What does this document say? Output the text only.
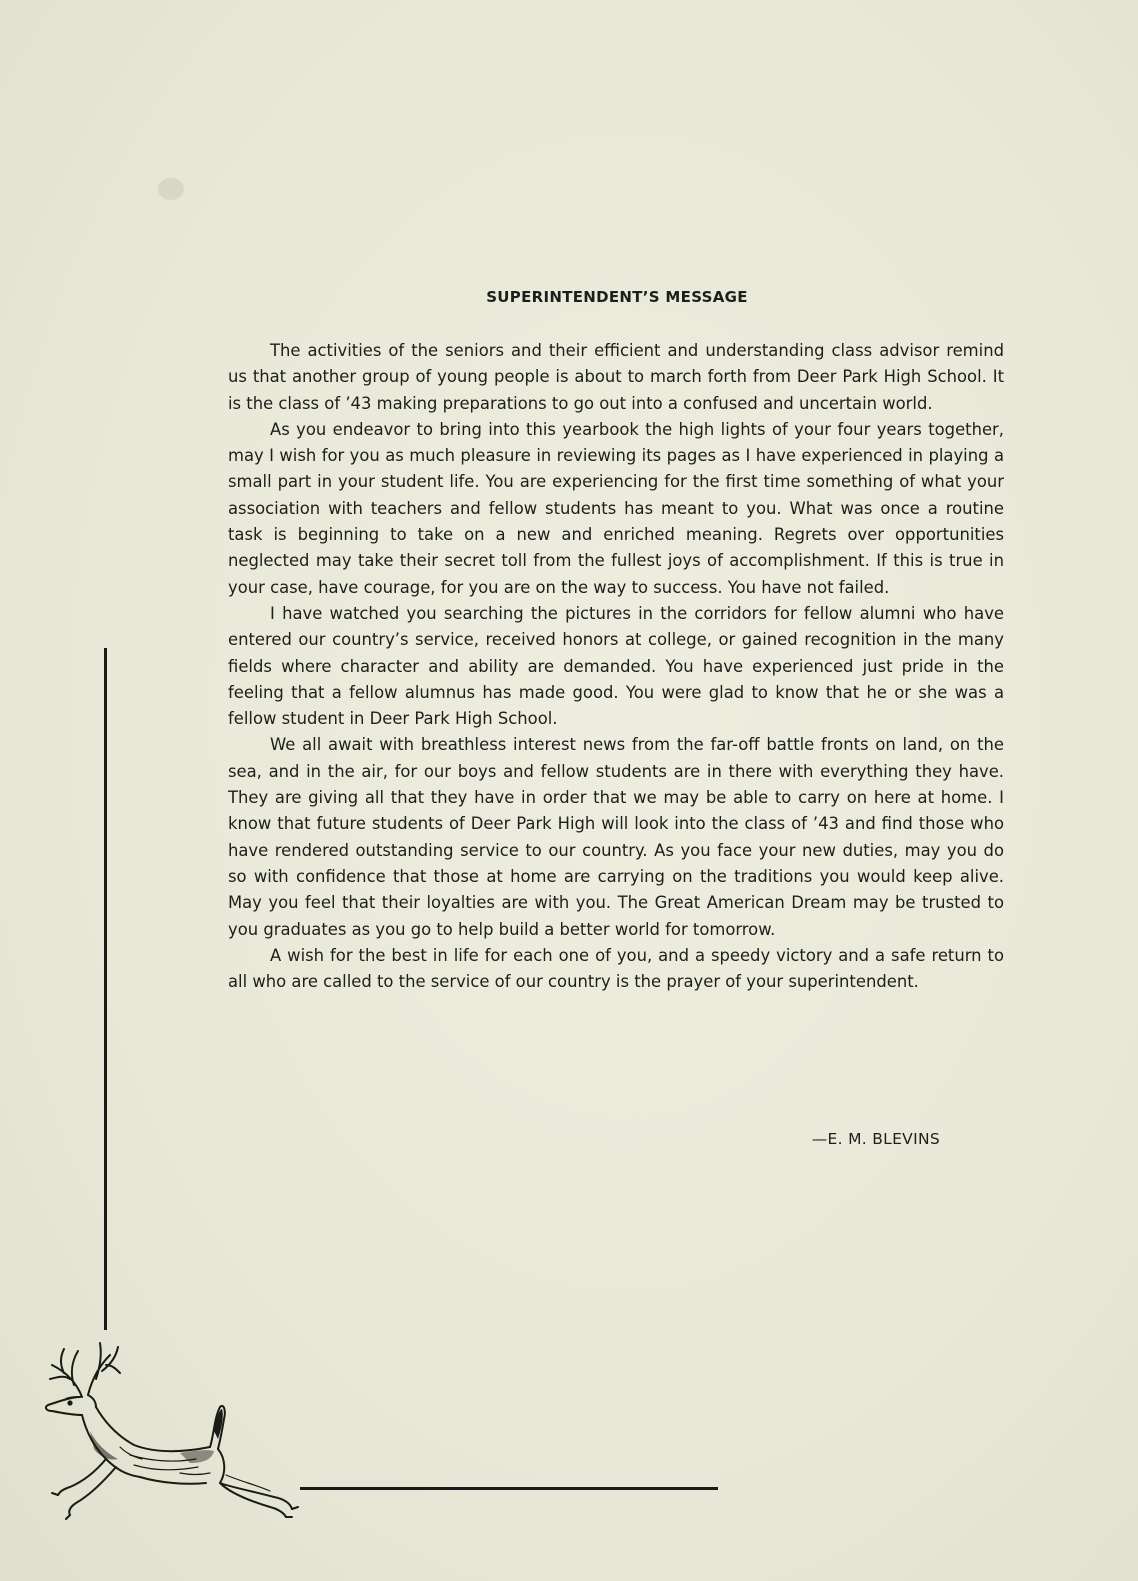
SUPERINTENDENT’S MESSAGE

The activities of the seniors and their efficient and understanding class advisor remind us that another group of young people is about to march forth from Deer Park High School. It is the class of ’43 making preparations to go out into a confused and uncertain world.

As you endeavor to bring into this yearbook the high lights of your four years together, may I wish for you as much pleasure in reviewing its pages as I have experienced in playing a small part in your student life. You are experiencing for the first time something of what your association with teachers and fellow students has meant to you. What was once a routine task is beginning to take on a new and enriched meaning. Regrets over opportunities neglected may take their secret toll from the fullest joys of accomplishment. If this is true in your case, have courage, for you are on the way to success. You have not failed.

I have watched you searching the pictures in the corridors for fellow alumni who have entered our country’s service, received honors at college, or gained recognition in the many fields where character and ability are demanded. You have experienced just pride in the feeling that a fellow alumnus has made good. You were glad to know that he or she was a fellow student in Deer Park High School.

We all await with breathless interest news from the far-off battle fronts on land, on the sea, and in the air, for our boys and fellow students are in there with everything they have. They are giving all that they have in order that we may be able to carry on here at home. I know that future students of Deer Park High will look into the class of ’43 and find those who have rendered outstanding service to our country. As you face your new duties, may you do so with confidence that those at home are carrying on the traditions you would keep alive. May you feel that their loyalties are with you. The Great American Dream may be trusted to you graduates as you go to help build a better world for tomorrow.

A wish for the best in life for each one of you, and a speedy victory and a safe return to all who are called to the service of our country is the prayer of your superintendent.

—E. M. BLEVINS
